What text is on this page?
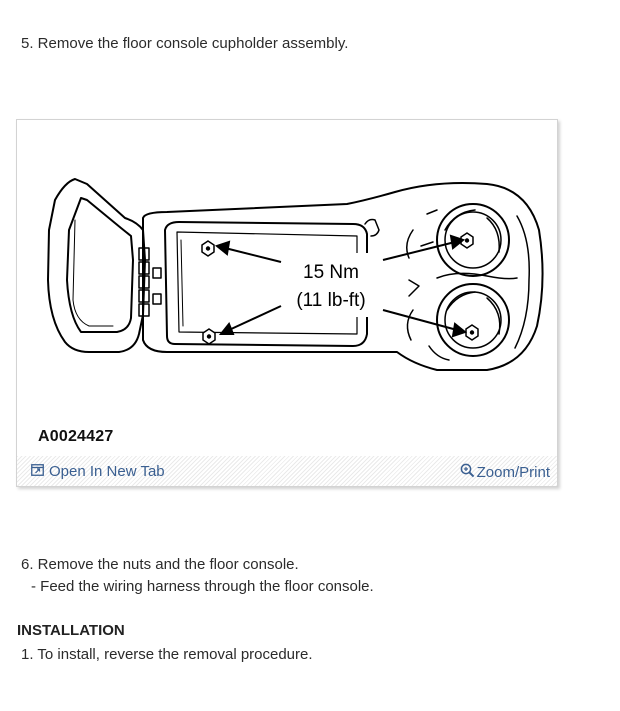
5. Remove the floor console cupholder assembly.
15 Nm
(11 lb-ft)
A0024427
Open In New Tab	Zoom/Print
6. Remove the nuts and the floor console.
- Feed the wiring harness through the floor console.
INSTALLATION
1. To install, reverse the removal procedure.
